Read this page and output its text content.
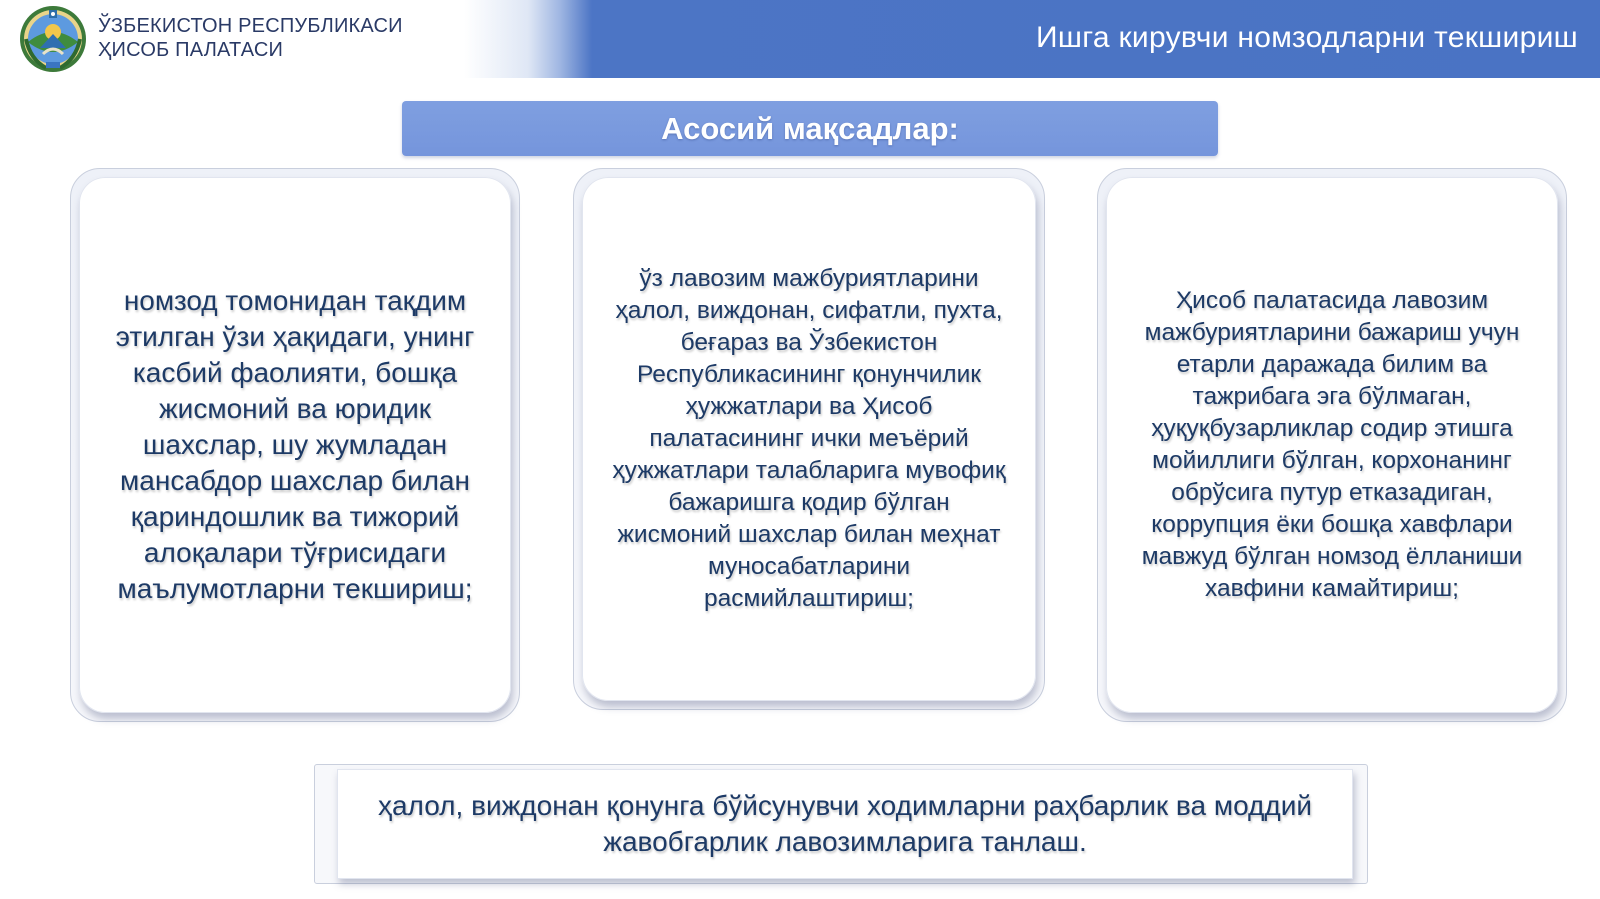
ЎЗБЕКИСТОН РЕСПУБЛИКАСИ
ҲИСОБ ПАЛАТАСИ	Ишга кирувчи номзодларни текшириш
Асосий мақсадлар:

номзод томонидан тақдим этилган ўзи ҳақидаги, унинг касбий фаолияти, бошқа жисмоний ва юридик шахслар, шу жумладан мансабдор шахслар билан қариндошлик ва тижорий алоқалари тўғрисидаги маълумотларни текшириш;

ўз лавозим мажбуриятларини ҳалол, виждонан, сифатли, пухта, беғараз ва Ўзбекистон Республикасининг қонунчилик ҳужжатлари ва Ҳисоб палатасининг ички меъёрий ҳужжатлари талабларига мувофиқ бажаришга қодир бўлган жисмоний шахслар билан меҳнат муносабатларини расмийлаштириш;

Ҳисоб палатасида лавозим мажбуриятларини бажариш учун етарли даражада билим ва тажрибага эга бўлмаган, ҳуқуқбузарликлар содир этишга мойиллиги бўлган, корхонанинг обрўсига путур етказадиган, коррупция ёки бошқа хавфлари мавжуд бўлган номзод ёлланиши хавфини камайтириш;

ҳалол, виждонан қонунга бўйсунувчи ходимларни раҳбарлик ва моддий жавобгарлик лавозимларига танлаш.
